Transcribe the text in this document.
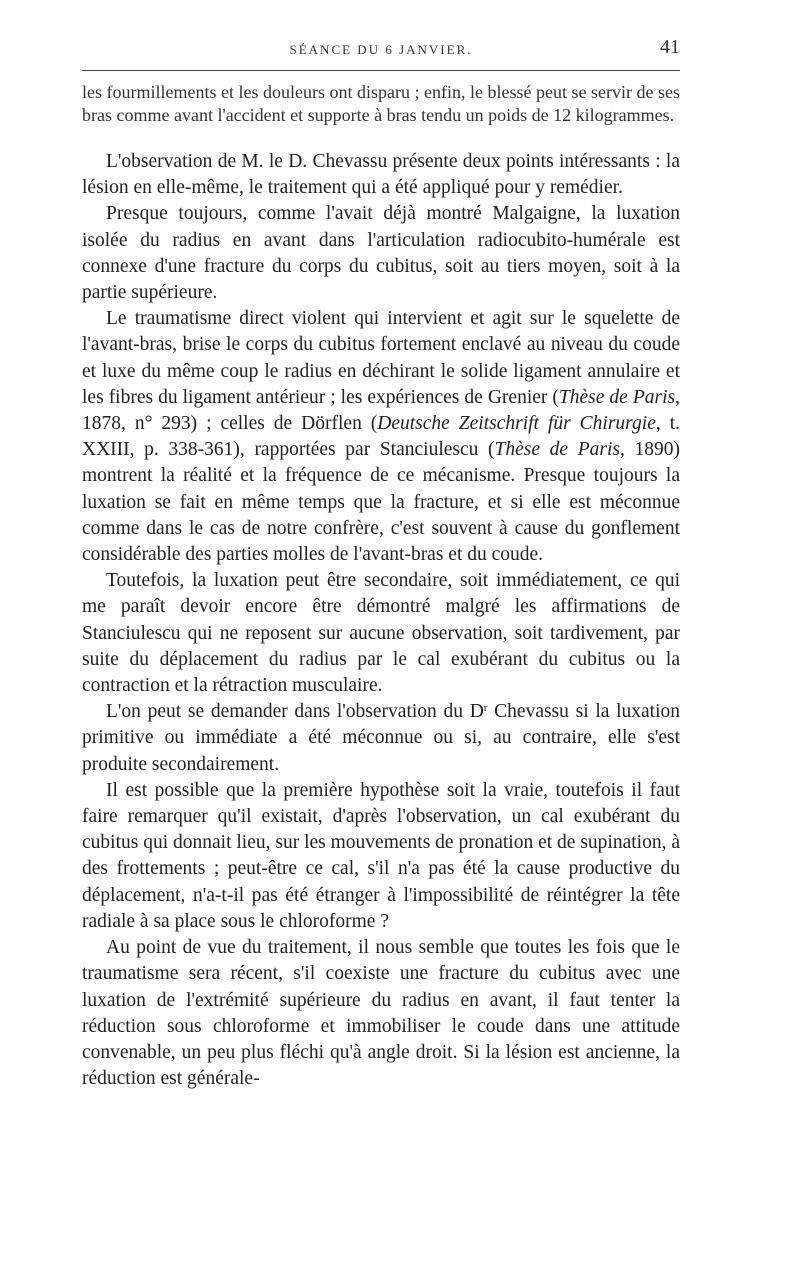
SÉANCE DU 6 JANVIER.	41

les fourmillements et les douleurs ont disparu ; enfin, le blessé peut se servir de ses bras comme avant l'accident et supporte à bras tendu un poids de 12 kilogrammes.

L'observation de M. le D. Chevassu présente deux points intéressants : la lésion en elle-même, le traitement qui a été appliqué pour y remédier.

Presque toujours, comme l'avait déjà montré Malgaigne, la luxation isolée du radius en avant dans l'articulation radiocubito-humérale est connexe d'une fracture du corps du cubitus, soit au tiers moyen, soit à la partie supérieure.

Le traumatisme direct violent qui intervient et agit sur le squelette de l'avant-bras, brise le corps du cubitus fortement enclavé au niveau du coude et luxe du même coup le radius en déchirant le solide ligament annulaire et les fibres du ligament antérieur ; les expériences de Grenier (Thèse de Paris, 1878, n° 293) ; celles de Dörflen (Deutsche Zeitschrift für Chirurgie, t. XXIII, p. 338-361), rapportées par Stanciulescu (Thèse de Paris, 1890) montrent la réalité et la fréquence de ce mécanisme. Presque toujours la luxation se fait en même temps que la fracture, et si elle est méconnue comme dans le cas de notre confrère, c'est souvent à cause du gonflement considérable des parties molles de l'avant-bras et du coude.

Toutefois, la luxation peut être secondaire, soit immédiatement, ce qui me paraît devoir encore être démontré malgré les affirmations de Stanciulescu qui ne reposent sur aucune observation, soit tardivement, par suite du déplacement du radius par le cal exubérant du cubitus ou la contraction et la rétraction musculaire.

L'on peut se demander dans l'observation du $D^r$ Chevassu si la luxation primitive ou immédiate a été méconnue ou si, au contraire, elle s'est produite secondairement.

Il est possible que la première hypothèse soit la vraie, toutefois il faut faire remarquer qu'il existait, d'après l'observation, un cal exubérant du cubitus qui donnait lieu, sur les mouvements de pronation et de supination, à des frottements ; peut-être ce cal, s'il n'a pas été la cause productive du déplacement, n'a-t-il pas été étranger à l'impossibilité de réintégrer la tête radiale à sa place sous le chloroforme ?

Au point de vue du traitement, il nous semble que toutes les fois que le traumatisme sera récent, s'il coexiste une fracture du cubitus avec une luxation de l'extrémité supérieure du radius en avant, il faut tenter la réduction sous chloroforme et immobiliser le coude dans une attitude convenable, un peu plus fléchi qu'à angle droit. Si la lésion est ancienne, la réduction est générale-
